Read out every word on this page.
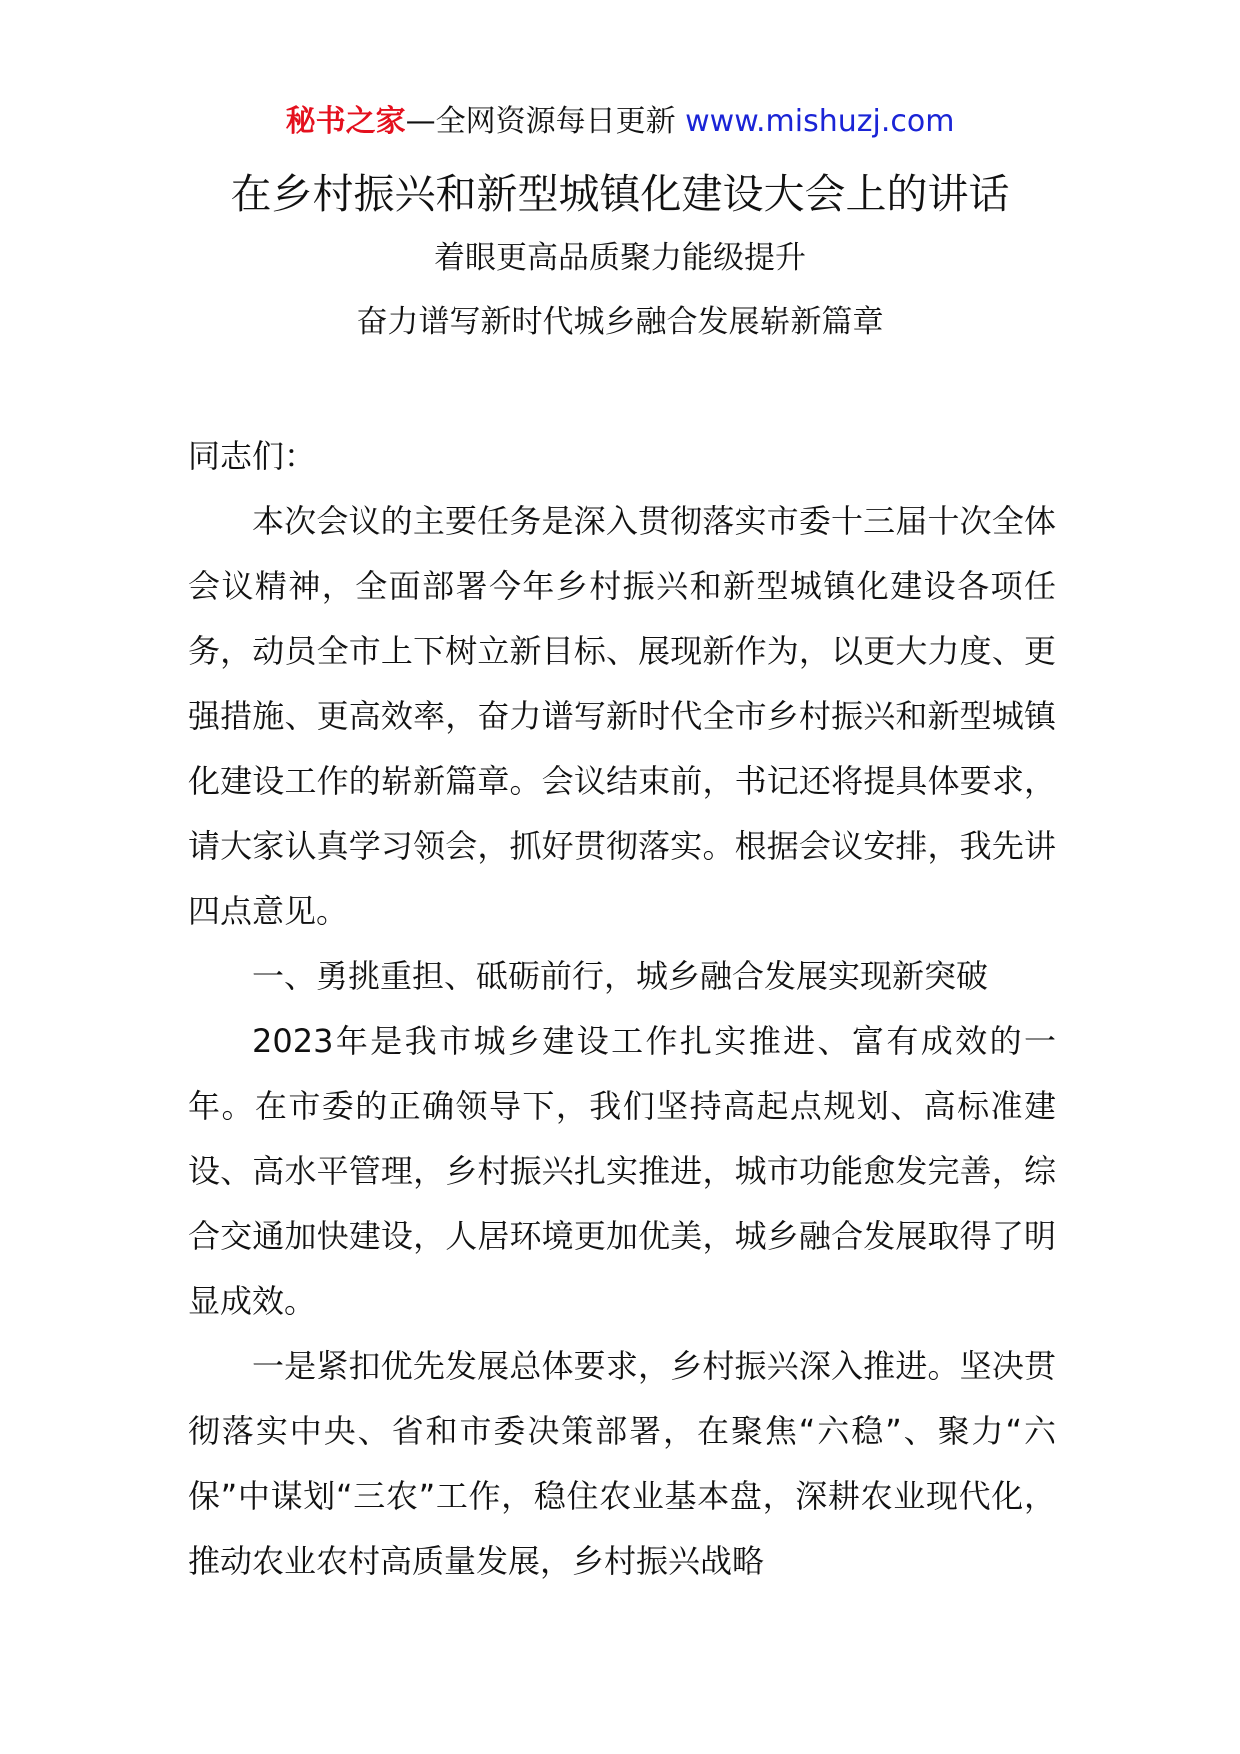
秘书之家—全网资源每日更新 www.mishuzj.com
在乡村振兴和新型城镇化建设大会上的讲话
着眼更高品质聚力能级提升
奋力谱写新时代城乡融合发展崭新篇章

同志们：

本次会议的主要任务是深入贯彻落实市委十三届十次全体会议精神，全面部署今年乡村振兴和新型城镇化建设各项任务，动员全市上下树立新目标、展现新作为，以更大力度、更强措施、更高效率，奋力谱写新时代全市乡村振兴和新型城镇化建设工作的崭新篇章。会议结束前，书记还将提具体要求，请大家认真学习领会，抓好贯彻落实。根据会议安排，我先讲四点意见。

一、勇挑重担、砥砺前行，城乡融合发展实现新突破

2023年是我市城乡建设工作扎实推进、富有成效的一年。在市委的正确领导下，我们坚持高起点规划、高标准建设、高水平管理，乡村振兴扎实推进，城市功能愈发完善，综合交通加快建设，人居环境更加优美，城乡融合发展取得了明显成效。

一是紧扣优先发展总体要求，乡村振兴深入推进。坚决贯彻落实中央、省和市委决策部署，在聚焦“六稳”、聚力“六保”中谋划“三农”工作，稳住农业基本盘，深耕农业现代化，推动农业农村高质量发展，乡村振兴战略
